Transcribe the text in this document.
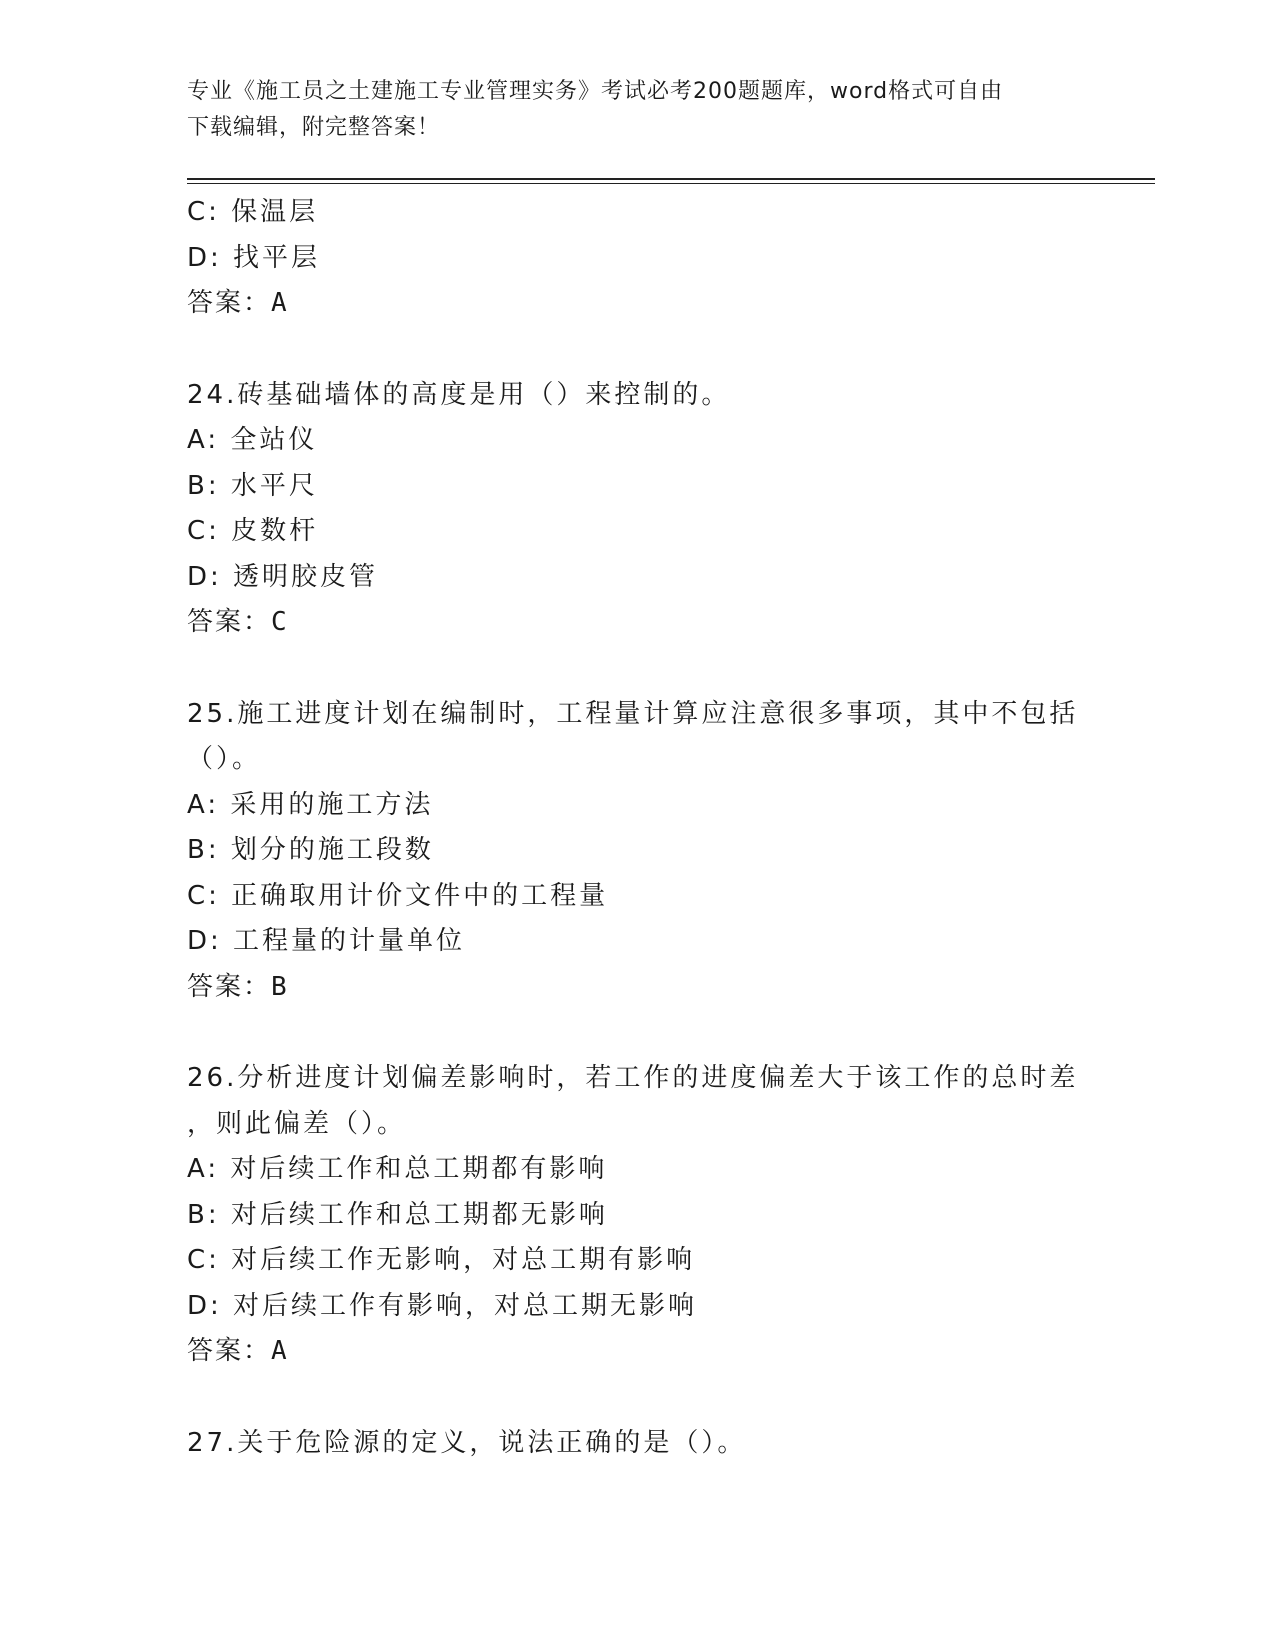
专业《施工员之土建施工专业管理实务》考试必考200题题库，word格式可自由
下载编辑，附完整答案！
C: 保温层
D: 找平层
答案：A
24.砖基础墙体的高度是用（）来控制的。
A: 全站仪
B: 水平尺
C: 皮数杆
D: 透明胶皮管
答案：C
25.施工进度计划在编制时，工程量计算应注意很多事项，其中不包括
（）。
A: 采用的施工方法
B: 划分的施工段数
C: 正确取用计价文件中的工程量
D: 工程量的计量单位
答案：B
26.分析进度计划偏差影响时，若工作的进度偏差大于该工作的总时差
，则此偏差（）。
A: 对后续工作和总工期都有影响
B: 对后续工作和总工期都无影响
C: 对后续工作无影响，对总工期有影响
D: 对后续工作有影响，对总工期无影响
答案：A
27.关于危险源的定义，说法正确的是（）。
